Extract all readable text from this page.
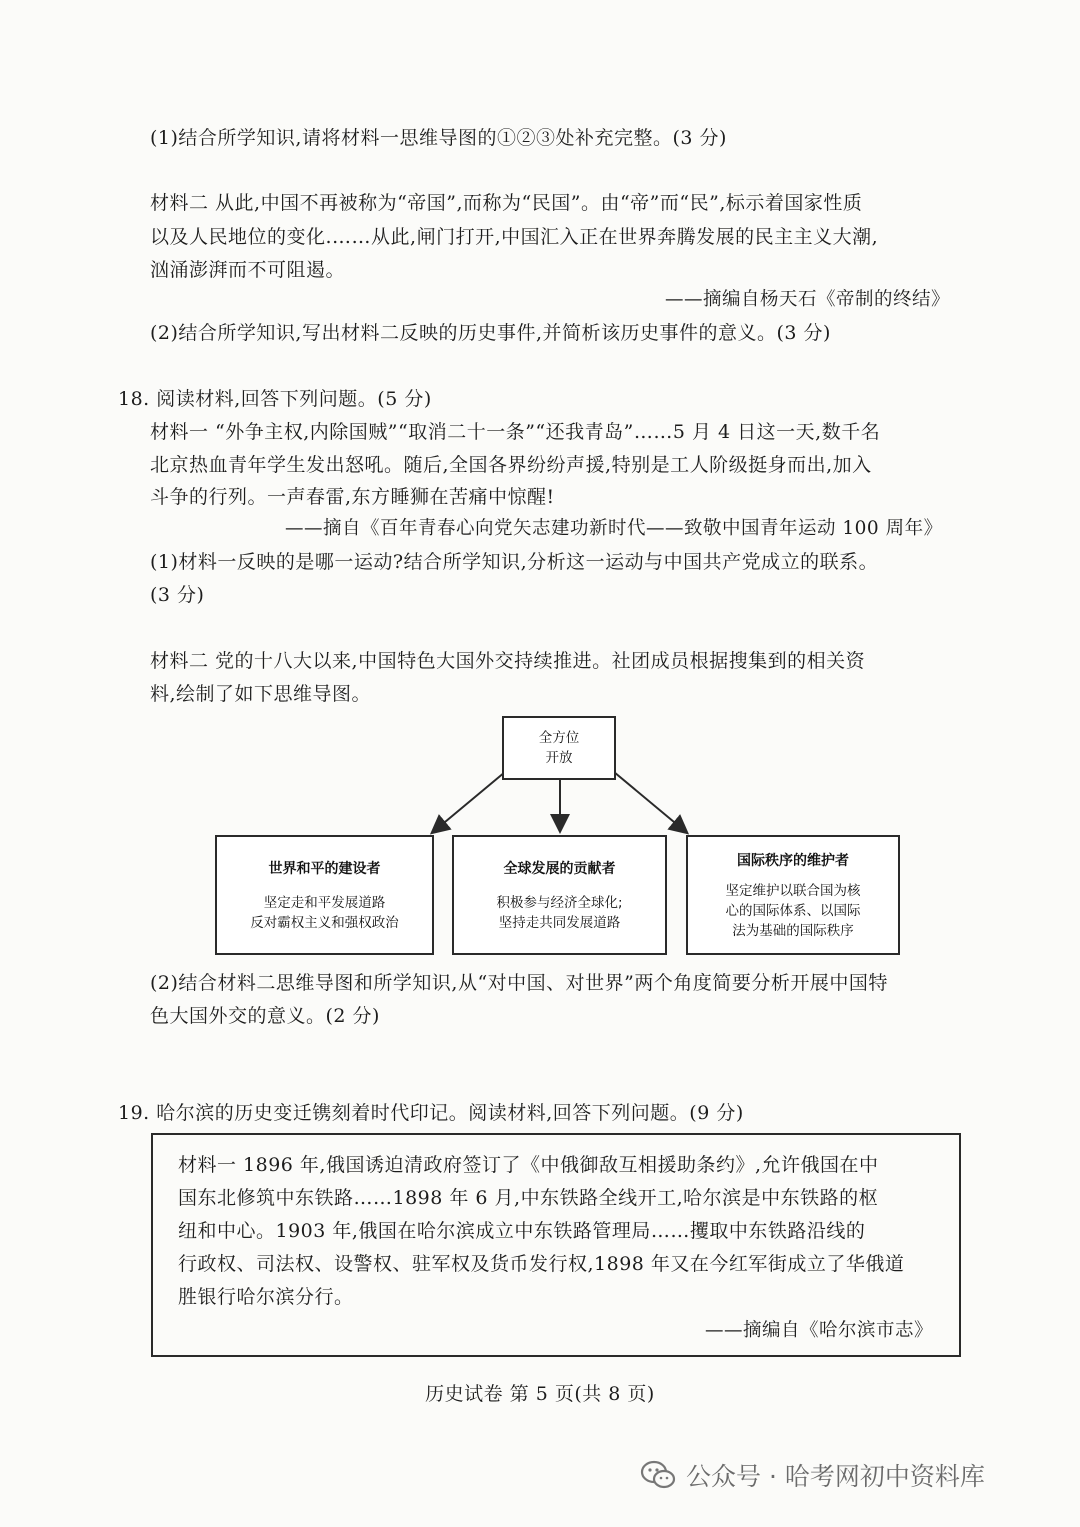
(1)结合所学知识,请将材料一思维导图的①②③处补充完整。(3 分)
材料二 从此,中国不再被称为“帝国”,而称为“民国”。由“帝”而“民”,标示着国家性质
以及人民地位的变化.……从此,闸门打开,中国汇入正在世界奔腾发展的民主主义大潮,
汹涌澎湃而不可阻遏。
——摘编自杨天石《帝制的终结》
(2)结合所学知识,写出材料二反映的历史事件,并简析该历史事件的意义。(3 分)
18. 阅读材料,回答下列问题。(5 分)
材料一 “外争主权,内除国贼”“取消二十一条”“还我青岛”……5 月 4 日这一天,数千名
北京热血青年学生发出怒吼。随后,全国各界纷纷声援,特别是工人阶级挺身而出,加入
斗争的行列。一声春雷,东方睡狮在苦痛中惊醒!
——摘自《百年青春心向党矢志建功新时代——致敬中国青年运动 100 周年》
(1)材料一反映的是哪一运动?结合所学知识,分析这一运动与中国共产党成立的联系。
(3 分)
材料二 党的十八大以来,中国特色大国外交持续推进。社团成员根据搜集到的相关资
料,绘制了如下思维导图。
全方位
开放
世界和平的建设者
坚定走和平发展道路
反对霸权主义和强权政治
全球发展的贡献者
积极参与经济全球化;
坚持走共同发展道路
国际秩序的维护者
坚定维护以联合国为核
心的国际体系、以国际
法为基础的国际秩序
(2)结合材料二思维导图和所学知识,从“对中国、对世界”两个角度简要分析开展中国特
色大国外交的意义。(2 分)
19. 哈尔滨的历史变迁镌刻着时代印记。阅读材料,回答下列问题。(9 分)
材料一 1896 年,俄国诱迫清政府签订了《中俄御敌互相援助条约》,允许俄国在中
国东北修筑中东铁路……1898 年 6 月,中东铁路全线开工,哈尔滨是中东铁路的枢
纽和中心。1903 年,俄国在哈尔滨成立中东铁路管理局……攫取中东铁路沿线的
行政权、司法权、设警权、驻军权及货币发行权,1898 年又在今红军街成立了华俄道
胜银行哈尔滨分行。
——摘编自《哈尔滨市志》
历史试卷 第 5 页(共 8 页)
公众号 · 哈考网初中资料库
